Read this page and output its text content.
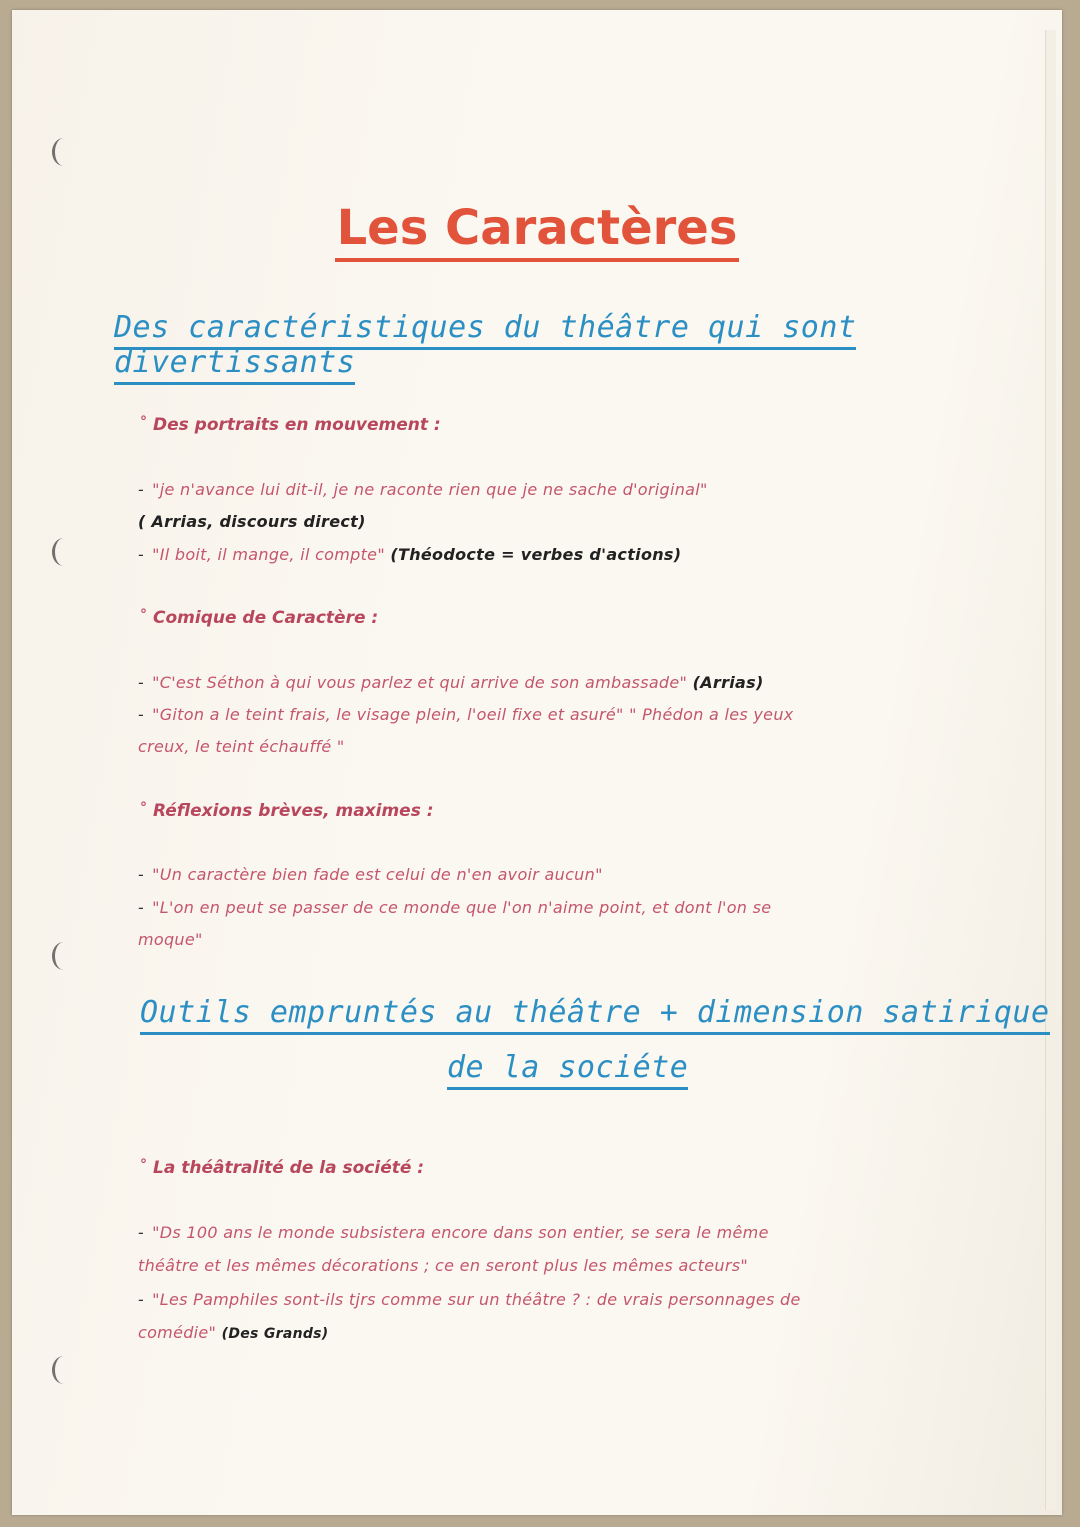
Les Caractères
Des caractéristiques du théâtre qui sont divertissants
° Des portraits en mouvement :
- "je n'avance lui dit-il, je ne raconte rien que je ne sache d'original"
( Arrias, discours direct)
- "Il boit, il mange, il compte" (Théodocte = verbes d'actions)
° Comique de Caractère :
- "C'est Séthon à qui vous parlez et qui arrive de son ambassade" (Arrias)
- "Giton a le teint frais, le visage plein, l'oeil fixe et asuré" " Phédon a les yeux
creux, le teint échauffé "
° Réflexions brèves, maximes :
- "Un caractère bien fade est celui de n'en avoir aucun"
- "L'on en peut se passer de ce monde que l'on n'aime point, et dont l'on se
moque"
Outils empruntés au théâtre + dimension satirique
de la sociéte
° La théâtralité de la société :
- "Ds 100 ans le monde subsistera encore dans son entier, se sera le même
théâtre et les mêmes décorations ; ce en seront plus les mêmes acteurs"
- "Les Pamphiles sont-ils tjrs comme sur un théâtre ? : de vrais personnages de
comédie" (Des Grands)
